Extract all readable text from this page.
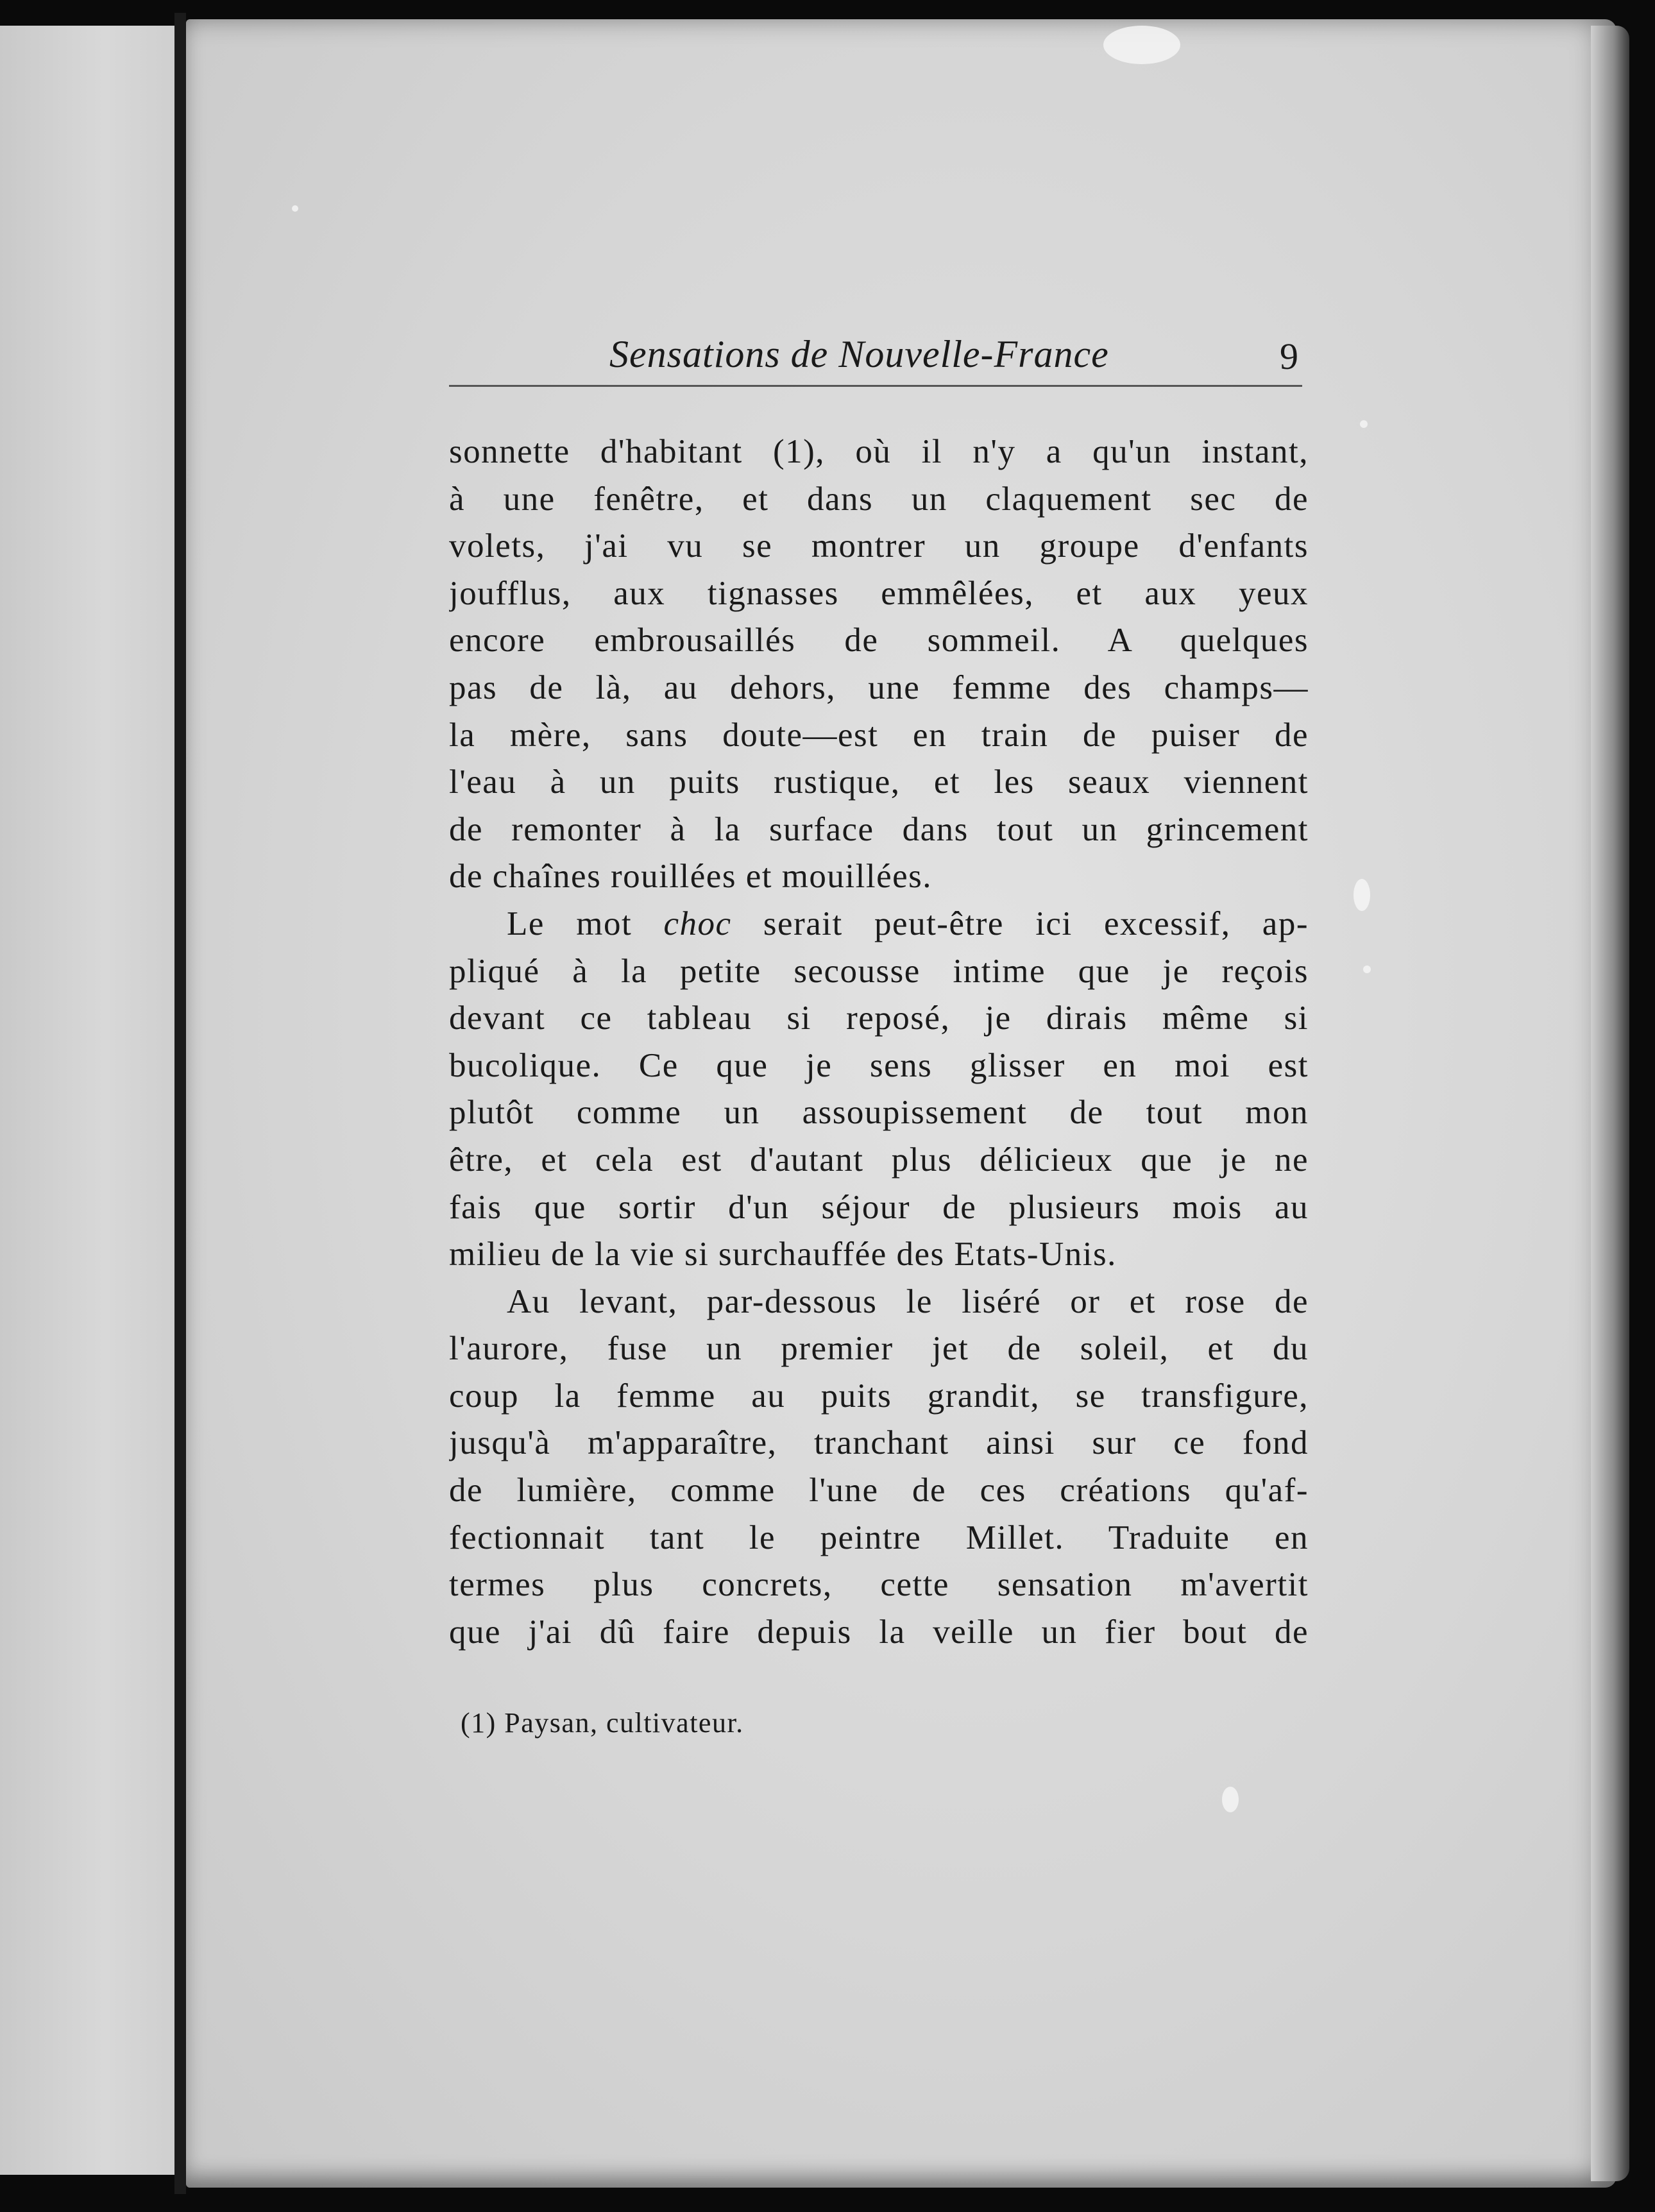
Sensations de Nouvelle-France	9
sonnette d'habitant (1), où il n'y a qu'un instant,
à une fenêtre, et dans un claquement sec de
volets, j'ai vu se montrer un groupe d'enfants
joufflus, aux tignasses emmêlées, et aux yeux
encore embrousaillés de sommeil. A quelques
pas de là, au dehors, une femme des champs—
la mère, sans doute—est en train de puiser de
l'eau à un puits rustique, et les seaux viennent
de remonter à la surface dans tout un grincement
de chaînes rouillées et mouillées.
Le mot choc serait peut-être ici excessif, ap-
pliqué à la petite secousse intime que je reçois
devant ce tableau si reposé, je dirais même si
bucolique. Ce que je sens glisser en moi est
plutôt comme un assoupissement de tout mon
être, et cela est d'autant plus délicieux que je ne
fais que sortir d'un séjour de plusieurs mois au
milieu de la vie si surchauffée des Etats-Unis.
Au levant, par-dessous le liséré or et rose de
l'aurore, fuse un premier jet de soleil, et du
coup la femme au puits grandit, se transfigure,
jusqu'à m'apparaître, tranchant ainsi sur ce fond
de lumière, comme l'une de ces créations qu'af-
fectionnait tant le peintre Millet. Traduite en
termes plus concrets, cette sensation m'avertit
que j'ai dû faire depuis la veille un fier bout de
(1) Paysan, cultivateur.
